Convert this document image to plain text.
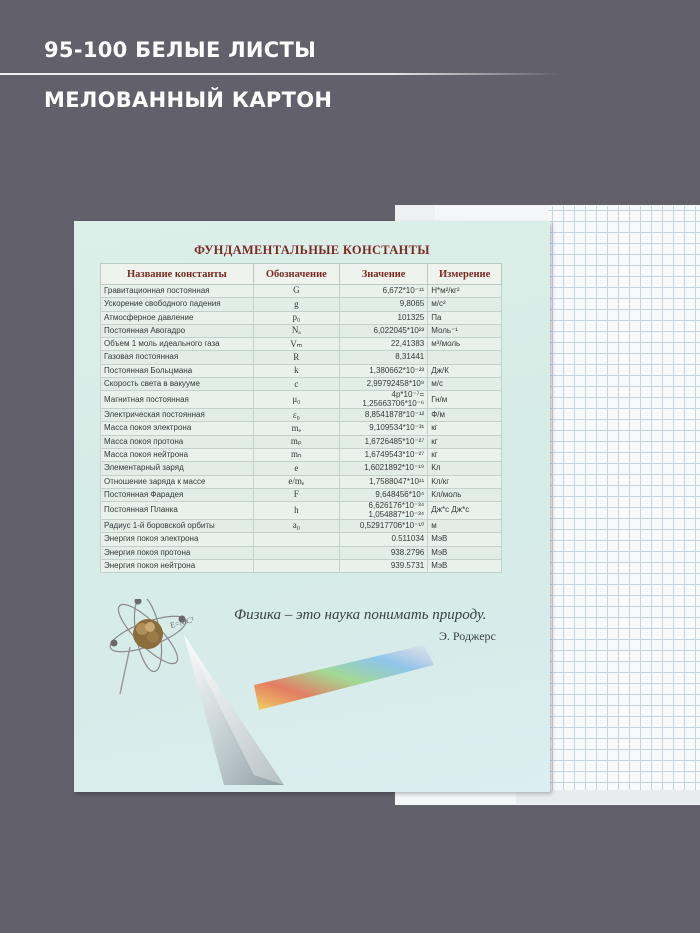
95-100 БЕЛЫЕ ЛИСТЫ
МЕЛОВАННЫЙ КАРТОН
ФУНДАМЕНТАЛЬНЫЕ КОНСТАНТЫ
Название константы	Обозначение	Значение	Измерение
Гравитационная постоянная	G	6,672*10⁻¹¹	Н*м²/кг²
Ускорение свободного падения	g	9,8065	м/с²
Атмосферное давление	p₀	101325	Па
Постоянная Авогадро	Nₐ	6,022045*10²³	Моль⁻¹
Объем 1 моль идеального газа	Vₘ	22,41383	м³/моль
Газовая постоянная	R	8,31441	
Постоянная Больцмана	k	1,380662*10⁻²³	Дж/К
Скорость света в вакууме	c	2,99792458*10⁸	м/с
Магнитная постоянная	μ₀	4p*10⁻⁷= 1,25663706*10⁻⁶	Гн/м
Электрическая постоянная	ε₀	8,8541878*10⁻¹²	Ф/м
Масса покоя электрона	mₑ	9,109534*10⁻³¹	кг
Масса покоя протона	mₚ	1,6726485*10⁻²⁷	кг
Масса покоя нейтрона	mₙ	1,6749543*10⁻²⁷	кг
Элементарный заряд	e	1,6021892*10⁻¹⁹	Кл
Отношение заряда к массе	e/mₑ	1,7588047*10¹¹	Кл/кг
Постоянная Фарадея	F	9,648456*10⁴	Кл/моль
Постоянная Планка	h	6,626176*10⁻³⁴ 1,054887*10⁻³⁴	Дж*с Дж*с
Радиус 1-й боровской орбиты	a₀	0,52917706*10⁻¹⁰	м
Энергия покоя электрона		0.511034	МэВ
Энергия покоя протона		938.2796	МэВ
Энергия покоя нейтрона		939.5731	МэВ
E=MC²	Физика – это наука понимать природу.
Э. Роджерс
